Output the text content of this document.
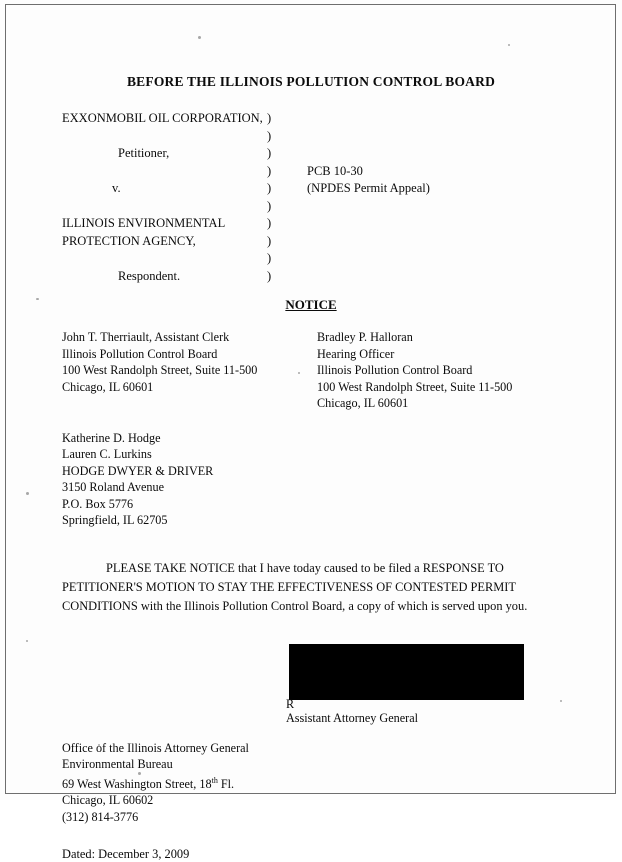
BEFORE THE ILLINOIS POLLUTION CONTROL BOARD
EXXONMOBIL OIL CORPORATION, )

)
Petitioner,	)

)	PCB 10-30
v.	)	(NPDES Permit Appeal)

)
ILLINOIS ENVIRONMENTAL	)
PROTECTION AGENCY,	)

)
Respondent.	)
NOTICE
John T. Therriault, Assistant Clerk
Illinois Pollution Control Board
100 West Randolph Street, Suite 11-500
Chicago, IL 60601
Bradley P. Halloran
Hearing Officer
Illinois Pollution Control Board
100 West Randolph Street, Suite 11-500
Chicago, IL 60601
Katherine D. Hodge
Lauren C. Lurkins
HODGE DWYER & DRIVER
3150 Roland Avenue
P.O. Box 5776
Springfield, IL 62705
PLEASE TAKE NOTICE that I have today caused to be filed a RESPONSE TO PETITIONER'S MOTION TO STAY THE EFFECTIVENESS OF CONTESTED PERMIT CONDITIONS with the Illinois Pollution Control Board, a copy of which is served upon you.
R
Assistant Attorney General
Office of the Illinois Attorney General
Environmental Bureau
69 West Washington Street, 18th Fl.
Chicago, IL 60602
(312) 814-3776
Dated: December 3, 2009
